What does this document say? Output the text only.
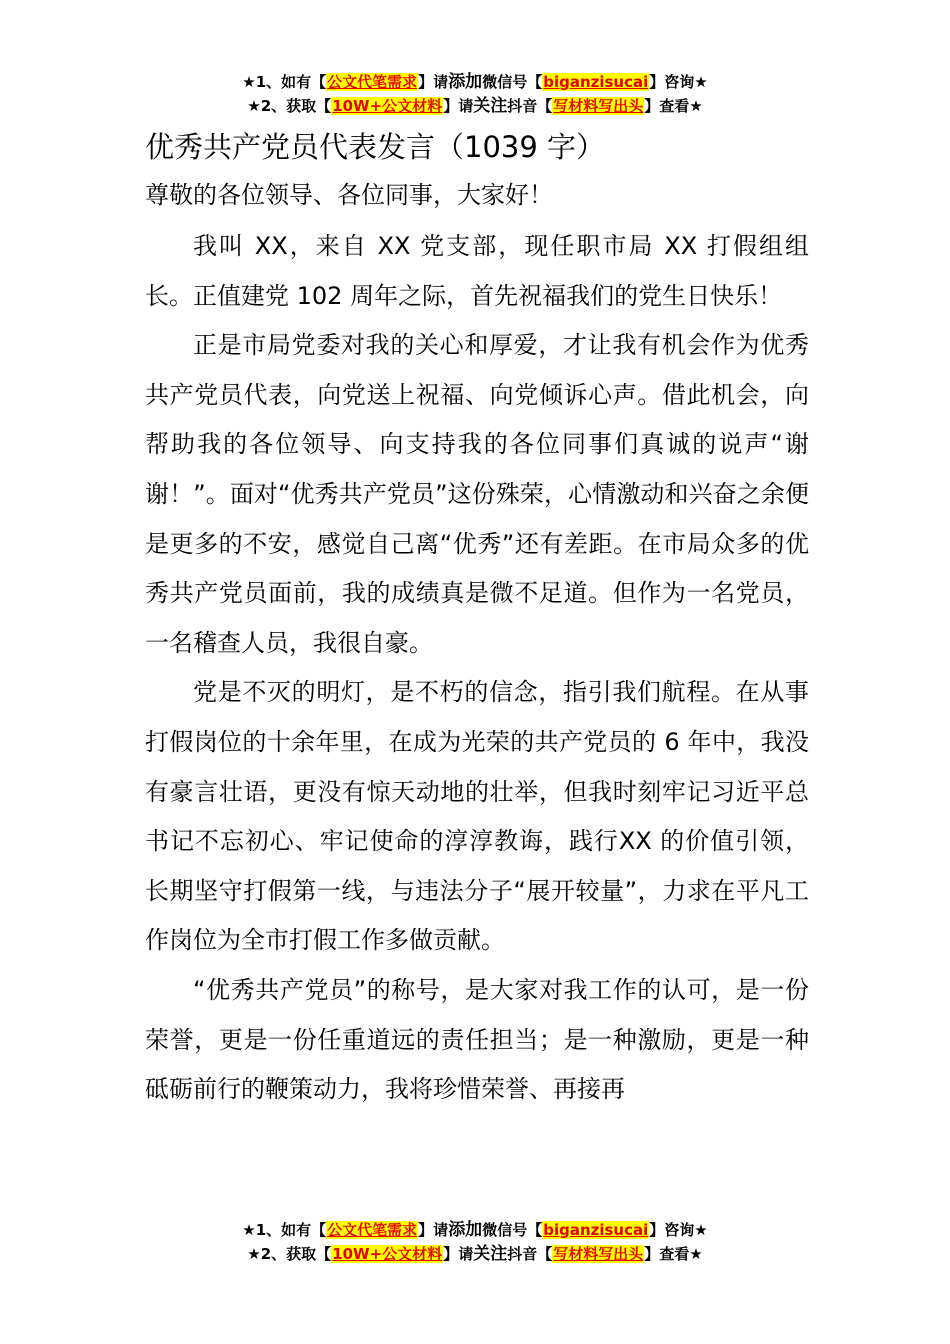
★1、如有【公文代笔需求】请添加微信号【biganzisucai】咨询★
★2、获取【10W+公文材料】请关注抖音【写材料写出头】查看★
优秀共产党员代表发言（1039 字）

尊敬的各位领导、各位同事，大家好！

我叫 XX，来自 XX 党支部，现任职市局 XX 打假组组长。正值建党 102 周年之际，首先祝福我们的党生日快乐！

正是市局党委对我的关心和厚爱，才让我有机会作为优秀共产党员代表，向党送上祝福、向党倾诉心声。借此机会，向帮助我的各位领导、向支持我的各位同事们真诚的说声“谢谢！”。面对“优秀共产党员”这份殊荣，心情激动和兴奋之余便是更多的不安，感觉自己离“优秀”还有差距。在市局众多的优秀共产党员面前，我的成绩真是微不足道。但作为一名党员，一名稽查人员，我很自豪。

党是不灭的明灯，是不朽的信念，指引我们航程。在从事打假岗位的十余年里，在成为光荣的共产党员的 6 年中，我没有豪言壮语，更没有惊天动地的壮举，但我时刻牢记习近平总书记不忘初心、牢记使命的淳淳教诲，践行XX 的价值引领，长期坚守打假第一线，与违法分子“展开较量”，力求在平凡工作岗位为全市打假工作多做贡献。

“优秀共产党员”的称号，是大家对我工作的认可，是一份荣誉，更是一份任重道远的责任担当；是一种激励，更是一种砥砺前行的鞭策动力，我将珍惜荣誉、再接再

★1、如有【公文代笔需求】请添加微信号【biganzisucai】咨询★
★2、获取【10W+公文材料】请关注抖音【写材料写出头】查看★
